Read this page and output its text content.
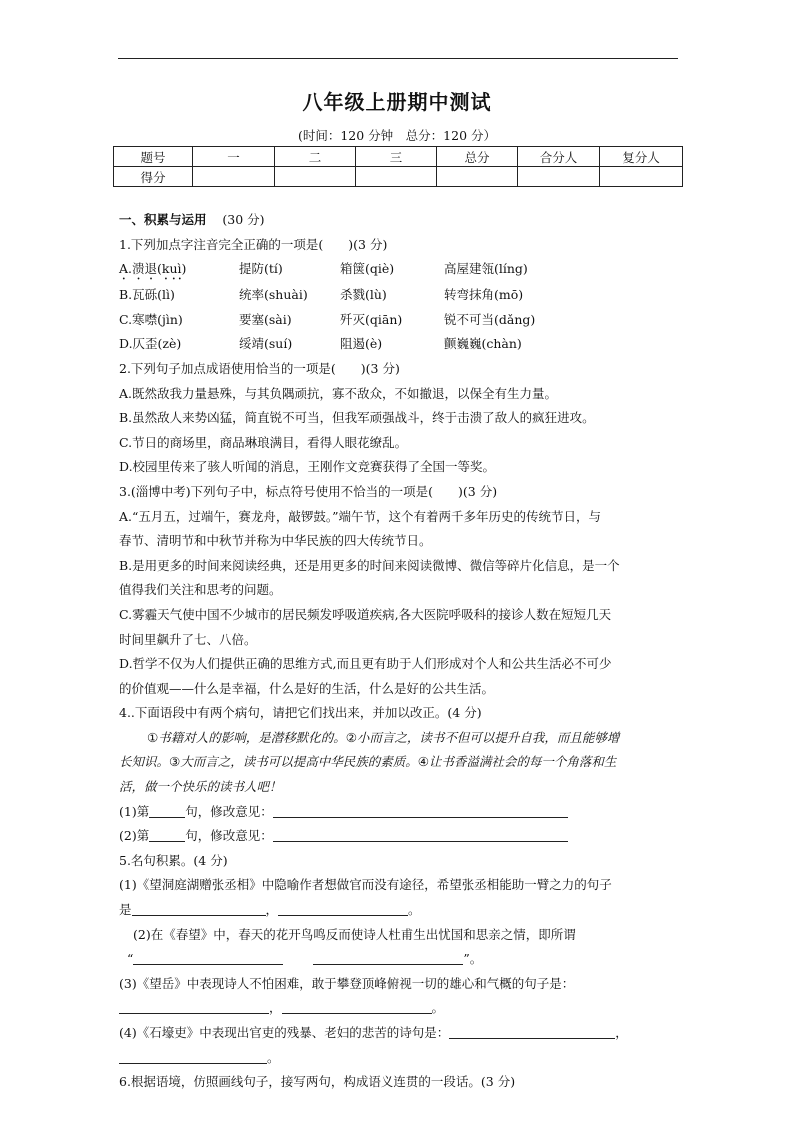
八年级上册期中测试
(时间：120 分钟　总分：120 分）
题号	一	二	三	总分	合分人	复分人
得分						
一、积累与运用 (30 分)
1.下列加点字注音完全正确的一项是(　　)(3 分)
A.溃退(kuì)	提防(tí)	箱箧(qiè)	高屋建瓴(líng)
B.瓦砾(lì)	统率(shuài)	杀戮(lù)	转弯抹角(mō)
C.寒噤(jìn)	要塞(sài)	歼灭(qiān)	锐不可当(dǎng)
D.仄歪(zè)	绥靖(suí)	阻遏(è)	颤巍巍(chàn)
2.下列句子加点成语使用恰当的一项是(　　)(3 分)
A.既然敌我力量悬殊，与其负隅顽抗，寡不敌众，不如撤退，以保全有生力量。
B.虽然敌人来势凶猛，简直锐不可当，但我军顽强战斗，终于击溃了敌人的疯狂进攻。
C.节日的商场里，商品琳琅满目，看得人眼花缭乱。
D.校园里传来了骇人听闻的消息，王刚作文竞赛获得了全国一等奖。
3.(淄博中考)下列句子中，标点符号使用不恰当的一项是(　　)(3 分)
A.“五月五，过端午，赛龙舟，敲锣鼓。”端午节，这个有着两千多年历史的传统节日，与
春节、清明节和中秋节并称为中华民族的四大传统节日。
B.是用更多的时间来阅读经典，还是用更多的时间来阅读微博、微信等碎片化信息，是一个
值得我们关注和思考的问题。
C.雾霾天气使中国不少城市的居民频发呼吸道疾病,各大医院呼吸科的接诊人数在短短几天
时间里飙升了七、八倍。
D.哲学不仅为人们提供正确的思维方式,而且更有助于人们形成对个人和公共生活必不可少
的价值观——什么是幸福，什么是好的生活，什么是好的公共生活。
4..下面语段中有两个病句，请把它们找出来，并加以改正。(4 分)
①书籍对人的影响，是潜移默化的。②小而言之，读书不但可以提升自我，而且能够增
长知识。③大而言之，读书可以提高中华民族的素质。④让书香溢满社会的每一个角落和生
活，做一个快乐的读书人吧！
(1)第	句，修改意见：
(2)第	句，修改意见：
5.名句积累。(4 分)
(1)《望洞庭湖赠张丞相》中隐喻作者想做官而没有途径，希望张丞相能助一臂之力的句子
是	，	。
(2)在《春望》中，春天的花开鸟鸣反而使诗人杜甫生出忧国和思亲之情，即所谓
“	”。
(3)《望岳》中表现诗人不怕困难，敢于攀登顶峰俯视一切的雄心和气概的句子是：
，	。
(4)《石壕吏》中表现出官吏的残暴、老妇的悲苦的诗句是：	，
。
6.根据语境，仿照画线句子，接写两句，构成语义连贯的一段话。(3 分)
